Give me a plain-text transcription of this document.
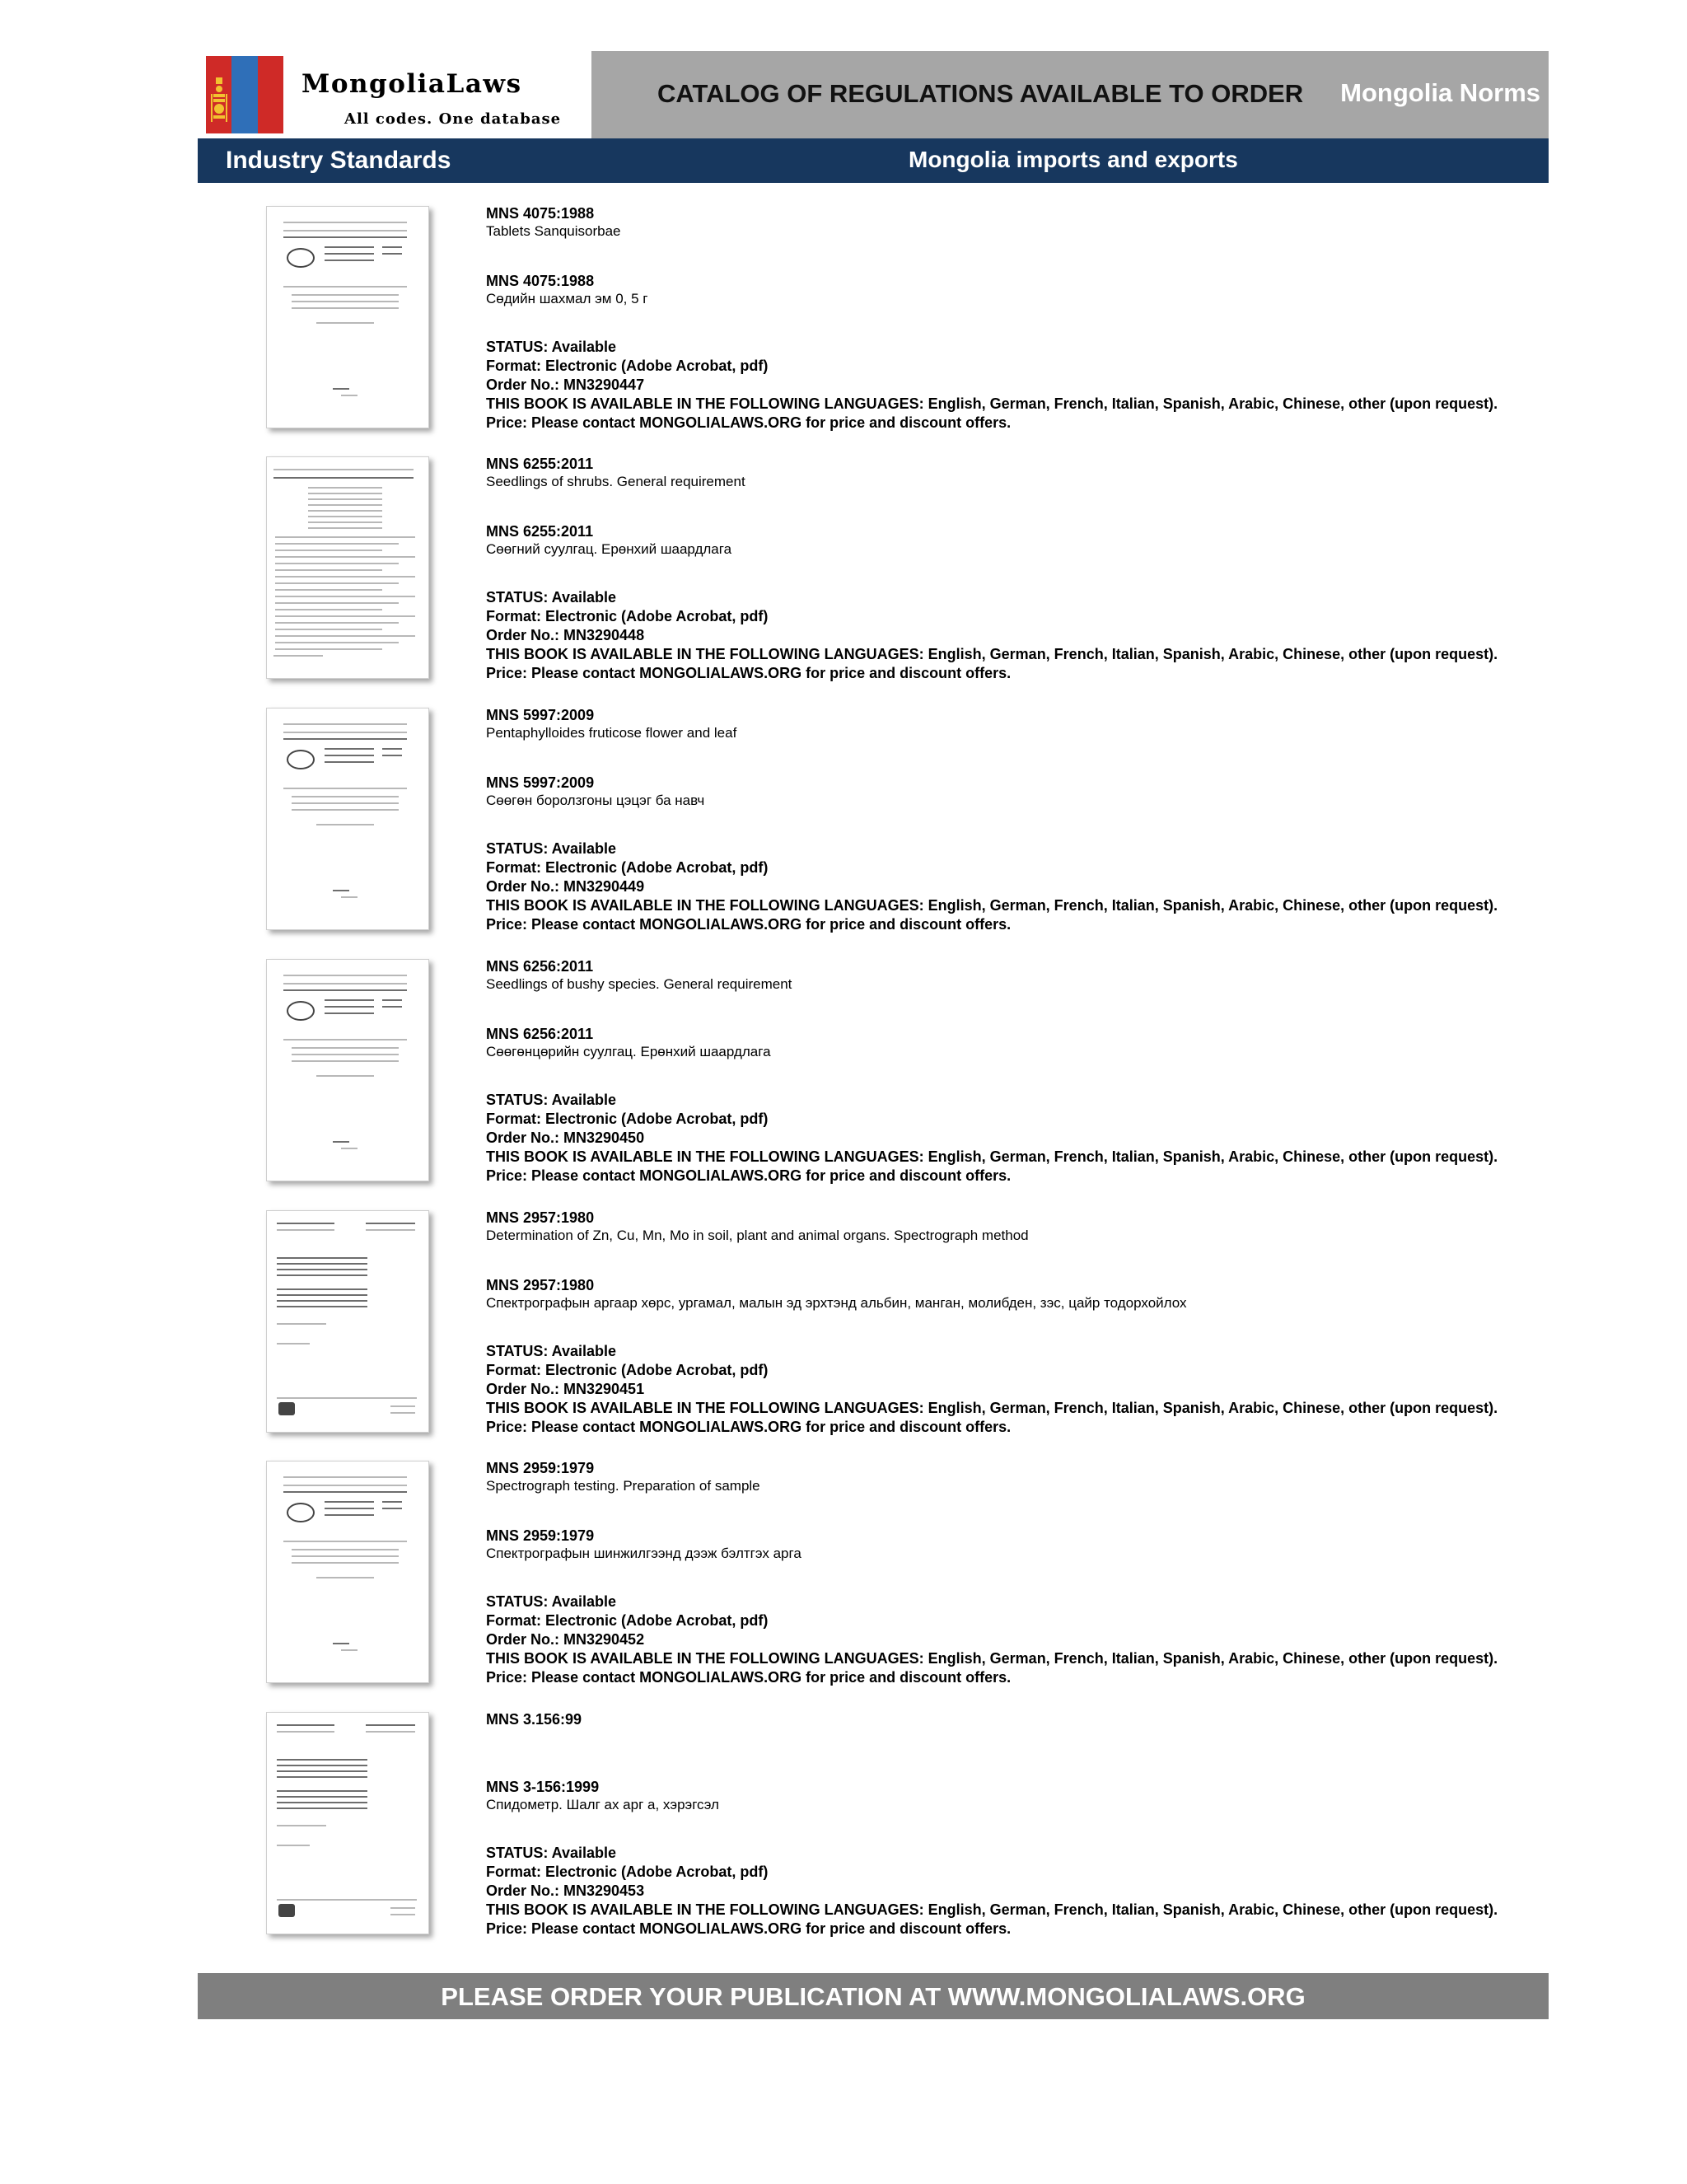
MongoliaLaws
All codes. One database
CATALOG OF REGULATIONS AVAILABLE TO ORDER Mongolia Norms
Industry Standards	Mongolia imports and exports
MNS 4075:1988
Tablets Sanquisorbae
MNS 4075:1988
Сөдийн шахмал эм 0, 5 г
STATUS: Available
Format: Electronic (Adobe Acrobat, pdf)
Order No.: MN3290447
THIS BOOK IS AVAILABLE IN THE FOLLOWING LANGUAGES: English, German, French, Italian, Spanish, Arabic, Chinese, other (upon request).
Price: Please contact MONGOLIALAWS.ORG for price and discount offers.
MNS 6255:2011
Seedlings of shrubs. General requirement
MNS 6255:2011
Сөөгний суулгац. Ерөнхий шаардлага
STATUS: Available
Format: Electronic (Adobe Acrobat, pdf)
Order No.: MN3290448
THIS BOOK IS AVAILABLE IN THE FOLLOWING LANGUAGES: English, German, French, Italian, Spanish, Arabic, Chinese, other (upon request).
Price: Please contact MONGOLIALAWS.ORG for price and discount offers.
MNS 5997:2009
Pentaphylloides fruticose flower and leaf
MNS 5997:2009
Сөөгөн боролзгоны цэцэг ба навч
STATUS: Available
Format: Electronic (Adobe Acrobat, pdf)
Order No.: MN3290449
THIS BOOK IS AVAILABLE IN THE FOLLOWING LANGUAGES: English, German, French, Italian, Spanish, Arabic, Chinese, other (upon request).
Price: Please contact MONGOLIALAWS.ORG for price and discount offers.
MNS 6256:2011
Seedlings of bushy species. General requirement
MNS 6256:2011
Сөөгөнцөрийн суулгац. Ерөнхий шаардлага
STATUS: Available
Format: Electronic (Adobe Acrobat, pdf)
Order No.: MN3290450
THIS BOOK IS AVAILABLE IN THE FOLLOWING LANGUAGES: English, German, French, Italian, Spanish, Arabic, Chinese, other (upon request).
Price: Please contact MONGOLIALAWS.ORG for price and discount offers.
MNS 2957:1980
Determination of Zn, Cu, Mn, Mo in soil, plant and animal organs. Spectrograph method
MNS 2957:1980
Спектрографын аргаар хөрс, ургамал, малын эд эрхтэнд альбин, манган, молибден, зэс, цайр тодорхойлох
STATUS: Available
Format: Electronic (Adobe Acrobat, pdf)
Order No.: MN3290451
THIS BOOK IS AVAILABLE IN THE FOLLOWING LANGUAGES: English, German, French, Italian, Spanish, Arabic, Chinese, other (upon request).
Price: Please contact MONGOLIALAWS.ORG for price and discount offers.
MNS 2959:1979
Spectrograph testing. Preparation of sample
MNS 2959:1979
Спектрографын шинжилгээнд дээж бэлтгэх арга
STATUS: Available
Format: Electronic (Adobe Acrobat, pdf)
Order No.: MN3290452
THIS BOOK IS AVAILABLE IN THE FOLLOWING LANGUAGES: English, German, French, Italian, Spanish, Arabic, Chinese, other (upon request).
Price: Please contact MONGOLIALAWS.ORG for price and discount offers.
MNS 3.156:99
MNS 3-156:1999
Спидометр. Шалг ах арг а, хэрэгсэл
STATUS: Available
Format: Electronic (Adobe Acrobat, pdf)
Order No.: MN3290453
THIS BOOK IS AVAILABLE IN THE FOLLOWING LANGUAGES: English, German, French, Italian, Spanish, Arabic, Chinese, other (upon request).
Price: Please contact MONGOLIALAWS.ORG for price and discount offers.
PLEASE ORDER YOUR PUBLICATION AT WWW.MONGOLIALAWS.ORG
